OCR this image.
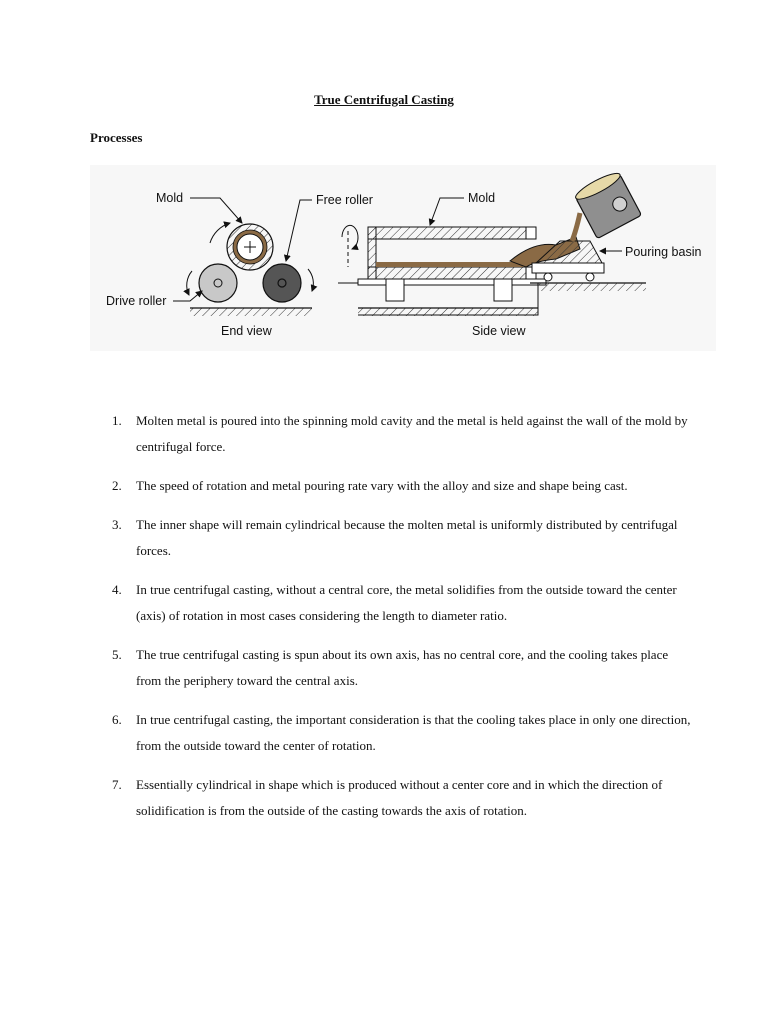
True Centrifugal Casting
Processes
Mold	Free roller
Drive roller
End view
Mold
Pouring basin
Side view
1. Molten metal is poured into the spinning mold cavity and the metal is held against the wall of the mold by centrifugal force.
2. The speed of rotation and metal pouring rate vary with the alloy and size and shape being cast.
3. The inner shape will remain cylindrical because the molten metal is uniformly distributed by centrifugal forces.
4. In true centrifugal casting, without a central core, the metal solidifies from the outside toward the center (axis) of rotation in most cases considering the length to diameter ratio.
5. The true centrifugal casting is spun about its own axis, has no central core, and the cooling takes place from the periphery toward the central axis.
6. In true centrifugal casting, the important consideration is that the cooling takes place in only one direction, from the outside toward the center of rotation.
7. Essentially cylindrical in shape which is produced without a center core and in which the direction of solidification is from the outside of the casting towards the axis of rotation.
